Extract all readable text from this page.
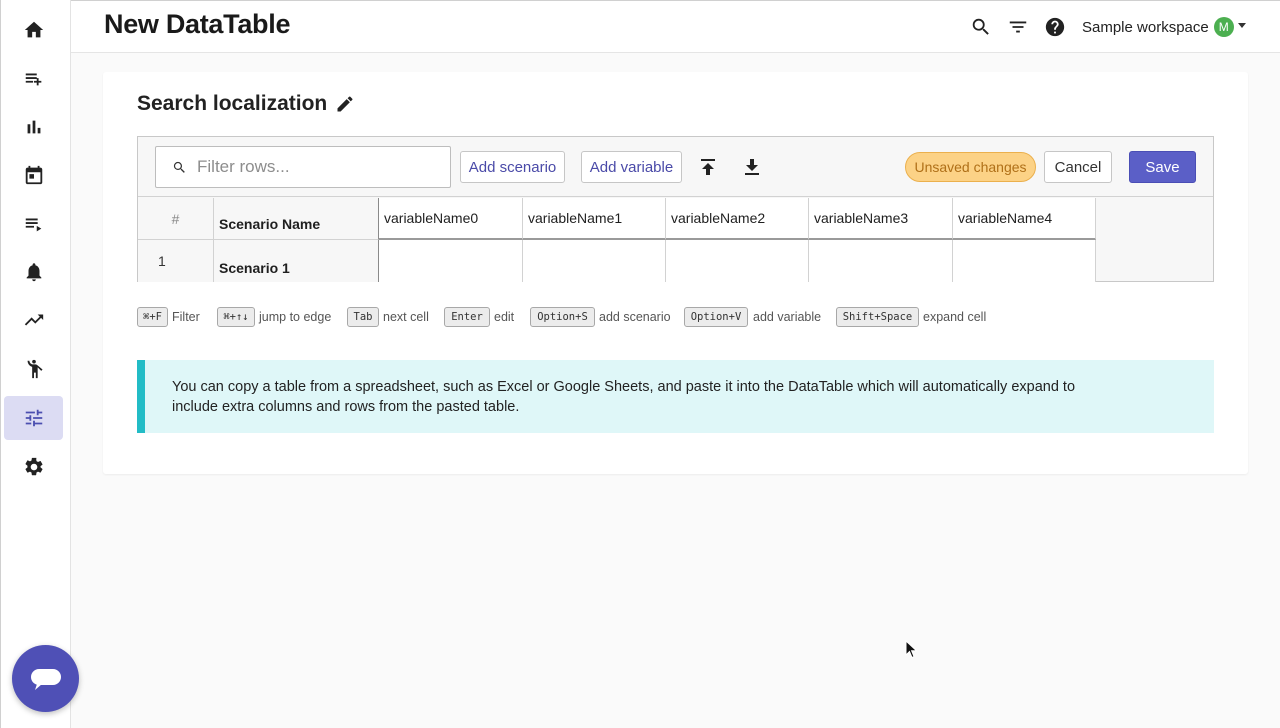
New DataTable	Sample workspace M
Search localization
Filter rows...
Add scenario	Add variable	Unsaved changes	Cancel	Save
#	Scenario Name	variableName0	variableName1	variableName2	variableName3	variableName4
1	Scenario 1
⌘+F Filter	⌘+↑↓ jump to edge	Tab next cell	Enter edit	Option+S add scenario	Option+V add variable	Shift+Space expand cell

You can copy a table from a spreadsheet, such as Excel or Google Sheets, and paste it into the DataTable which will automatically expand to include extra columns and rows from the pasted table.
